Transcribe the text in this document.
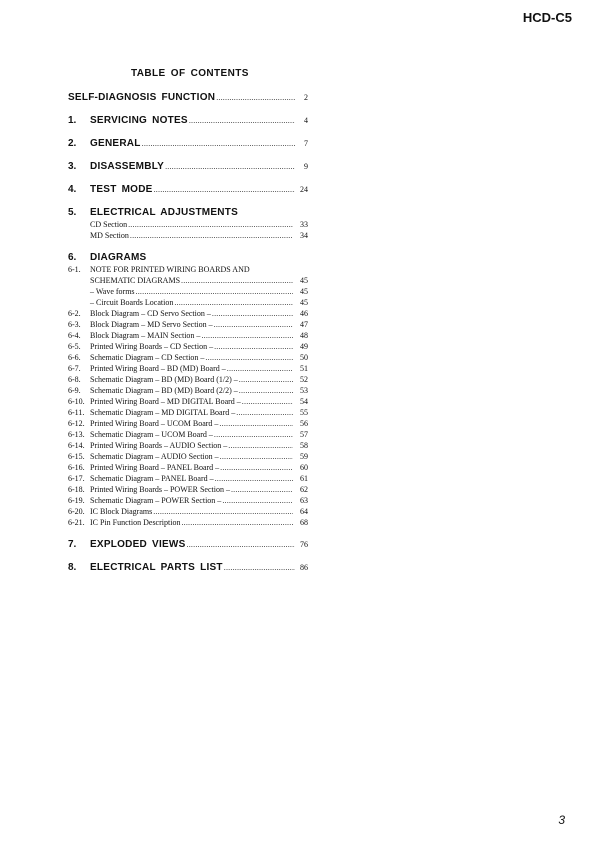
HCD-C5
TABLE OF CONTENTS
SELF-DIAGNOSIS FUNCTION .....	2
1.	SERVICING NOTES .....	4
2.	GENERAL .....	7
3.	DISASSEMBLY .....	9
4.	TEST MODE .....	24
5.	ELECTRICAL ADJUSTMENTS
CD Section .....	33
MD Section .....	34
6.	DIAGRAMS
6-1.	NOTE FOR PRINTED WIRING BOARDS AND
SCHEMATIC DIAGRAMS .....	45
– Wave forms .....	45
– Circuit Boards Location .....	45
6-2.	Block Diagram – CD Servo Section – .....	46
6-3.	Block Diagram – MD Servo Section – .....	47
6-4.	Block Diagram – MAIN Section – .....	48
6-5.	Printed Wiring Boards – CD Section – .....	49
6-6.	Schematic Diagram – CD Section – .....	50
6-7.	Printed Wiring Board – BD (MD) Board – .....	51
6-8.	Schematic Diagram – BD (MD) Board (1/2) – .....	52
6-9.	Schematic Diagram – BD (MD) Board (2/2) – .....	53
6-10. Printed Wiring Board – MD DIGITAL Board – .....	54
6-11. Schematic Diagram – MD DIGITAL Board – .....	55
6-12. Printed Wiring Board – UCOM Board – .....	56
6-13. Schematic Diagram – UCOM Board – .....	57
6-14. Printed Wiring Boards – AUDIO Section – .....	58
6-15. Schematic Diagram – AUDIO Section – .....	59
6-16. Printed Wiring Board – PANEL Board – .....	60
6-17. Schematic Diagram – PANEL Board – .....	61
6-18. Printed Wiring Boards – POWER Section – .....	62
6-19. Schematic Diagram – POWER Section – .....	63
6-20. IC Block Diagrams .....	64
6-21. IC Pin Function Description .....	68
7.	EXPLODED VIEWS .....	76
8.	ELECTRICAL PARTS LIST .....	86
3
